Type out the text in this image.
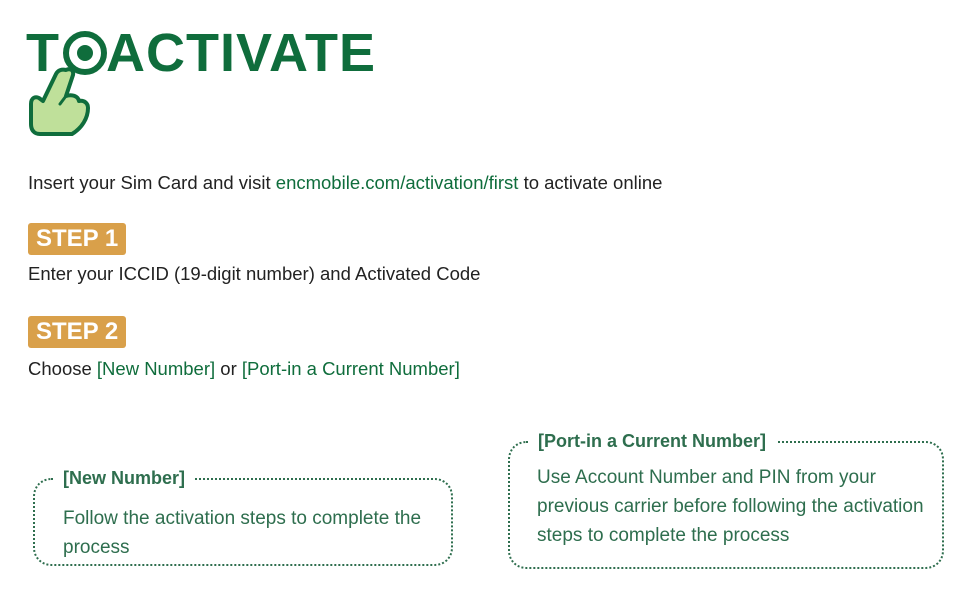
T ACTIVATE
Insert your Sim Card and visit encmobile.com/activation/first to activate online
STEP 1
Enter your ICCID (19-digit number) and Activated Code
STEP 2
Choose [New Number] or [Port-in a Current Number]
[New Number]
Follow the activation steps to complete the process
[Port-in a Current Number]
Use Account Number and PIN from your previous carrier before following the activation steps to complete the process
